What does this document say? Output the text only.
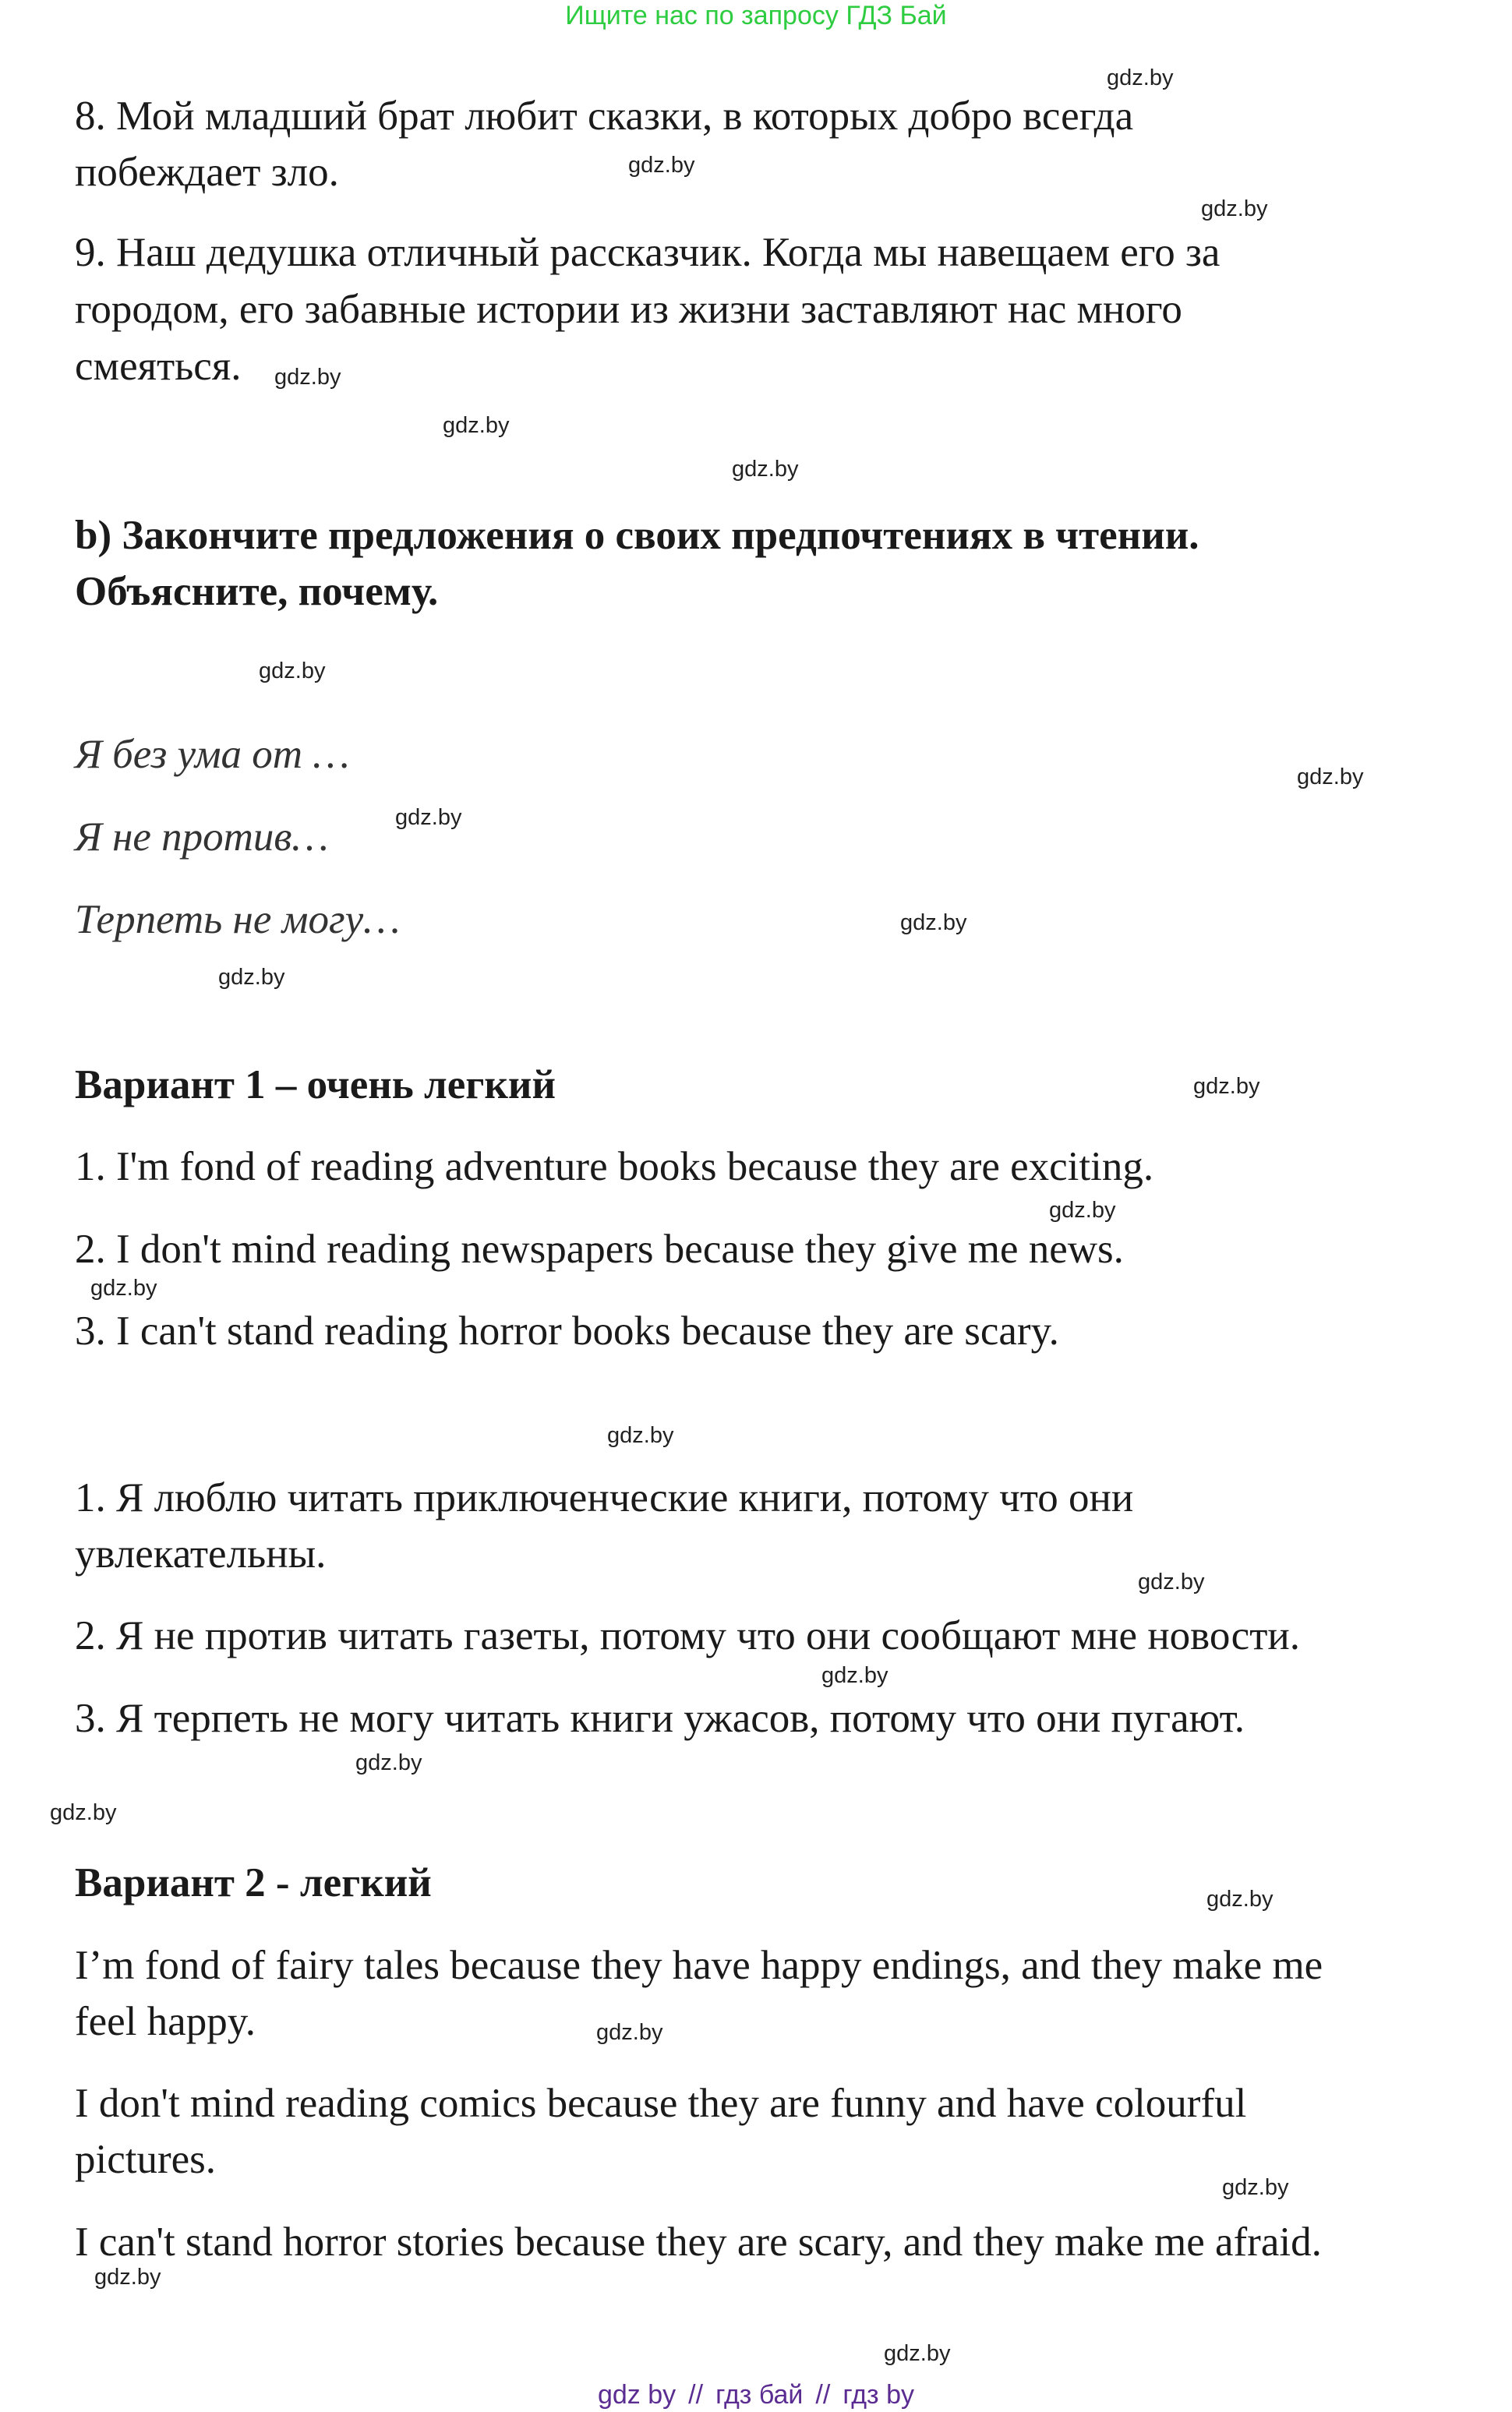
Ищите нас по запросу ГДЗ Бай
8. Мой младший брат любит сказки, в которых добро всегда
побеждает зло.
9. Наш дедушка отличный рассказчик. Когда мы навещаем его за
городом, его забавные истории из жизни заставляют нас много
смеяться.
b) Закончите предложения о своих предпочтениях в чтении.
Объясните, почему.
Я без ума от …
Я не против…
Терпеть не могу…
Вариант 1 – очень легкий
1. I'm fond of reading adventure books because they are exciting.
2. I don't mind reading newspapers because they give me news.
3. I can't stand reading horror books because they are scary.
1. Я люблю читать приключенческие книги, потому что они
увлекательны.
2. Я не против читать газеты, потому что они сообщают мне новости.
3. Я терпеть не могу читать книги ужасов, потому что они пугают.
Вариант 2 - легкий
I’m fond of fairy tales because they have happy endings, and they make me
feel happy.
I don't mind reading comics because they are funny and have colourful
pictures.
I can't stand horror stories because they are scary, and they make me afraid.
gdz.by
gdz.by
gdz.by
gdz.by
gdz.by
gdz.by
gdz.by
gdz.by
gdz.by
gdz.by
gdz.by
gdz.by
gdz.by
gdz.by
gdz.by
gdz.by
gdz.by
gdz.by
gdz.by
gdz.by
gdz.by
gdz.by
gdz.by
gdz.by
gdz by // гдз бай // гдз by
